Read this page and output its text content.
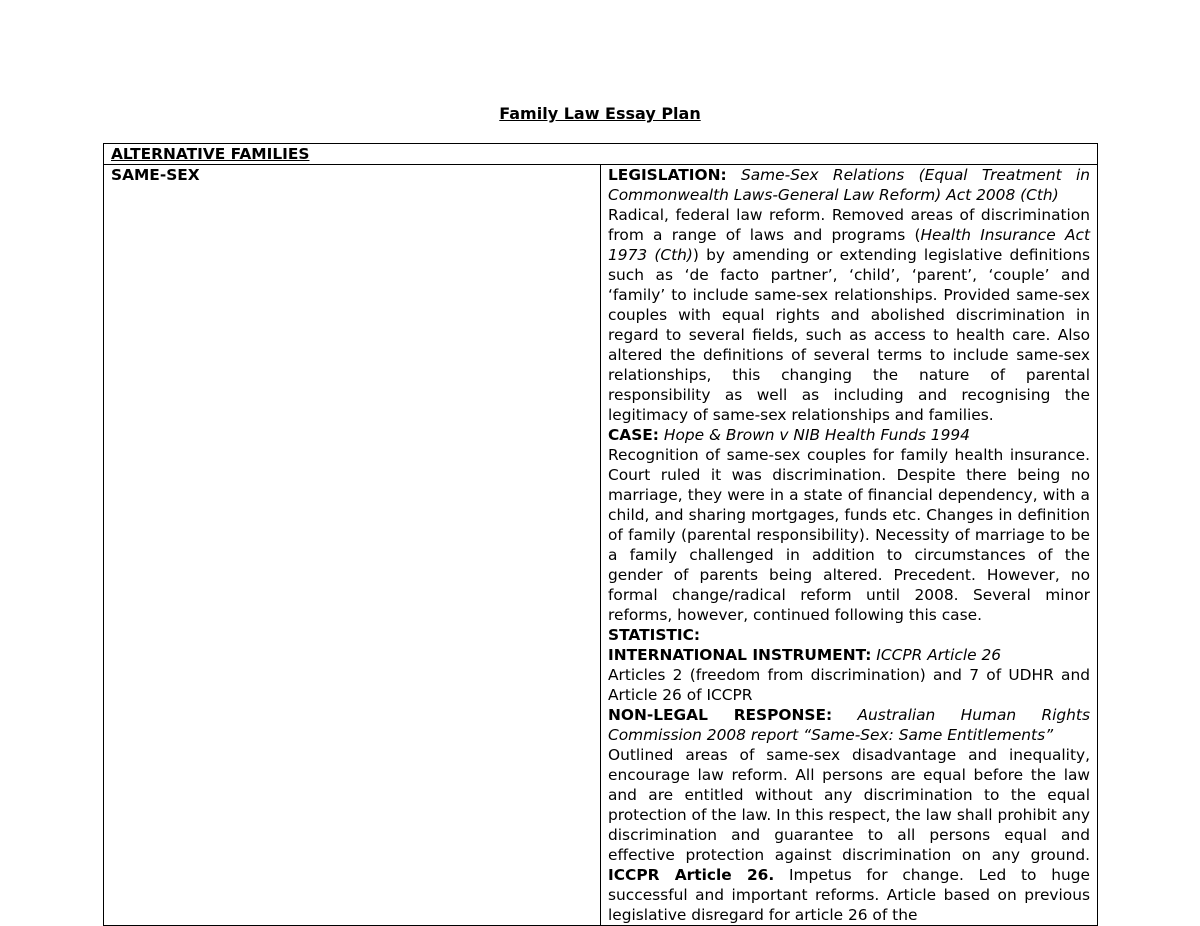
Family Law Essay Plan
ALTERNATIVE FAMILIES
SAME-SEX	LEGISLATION: Same-Sex Relations (Equal Treatment in Commonwealth Laws-General Law Reform) Act 2008 (Cth)
Radical, federal law reform. Removed areas of discrimination from a range of laws and programs (Health Insurance Act 1973 (Cth)) by amending or extending legislative definitions such as ‘de facto partner’, ‘child’, ‘parent’, ‘couple’ and ‘family’ to include same-sex relationships. Provided same-sex couples with equal rights and abolished discrimination in regard to several fields, such as access to health care. Also altered the definitions of several terms to include same-sex relationships, this changing the nature of parental responsibility as well as including and recognising the legitimacy of same-sex relationships and families.
CASE: Hope & Brown v NIB Health Funds 1994
Recognition of same-sex couples for family health insurance. Court ruled it was discrimination. Despite there being no marriage, they were in a state of financial dependency, with a child, and sharing mortgages, funds etc. Changes in definition of family (parental responsibility). Necessity of marriage to be a family challenged in addition to circumstances of the gender of parents being altered. Precedent. However, no formal change/radical reform until 2008. Several minor reforms, however, continued following this case.
STATISTIC:
INTERNATIONAL INSTRUMENT: ICCPR Article 26
Articles 2 (freedom from discrimination) and 7 of UDHR and Article 26 of ICCPR
NON-LEGAL RESPONSE: Australian Human Rights Commission 2008 report “Same-Sex: Same Entitlements”
Outlined areas of same-sex disadvantage and inequality, encourage law reform. All persons are equal before the law and are entitled without any discrimination to the equal protection of the law. In this respect, the law shall prohibit any discrimination and guarantee to all persons equal and effective protection against discrimination on any ground. ICCPR Article 26. Impetus for change. Led to huge successful and important reforms. Article based on previous legislative disregard for article 26 of the
